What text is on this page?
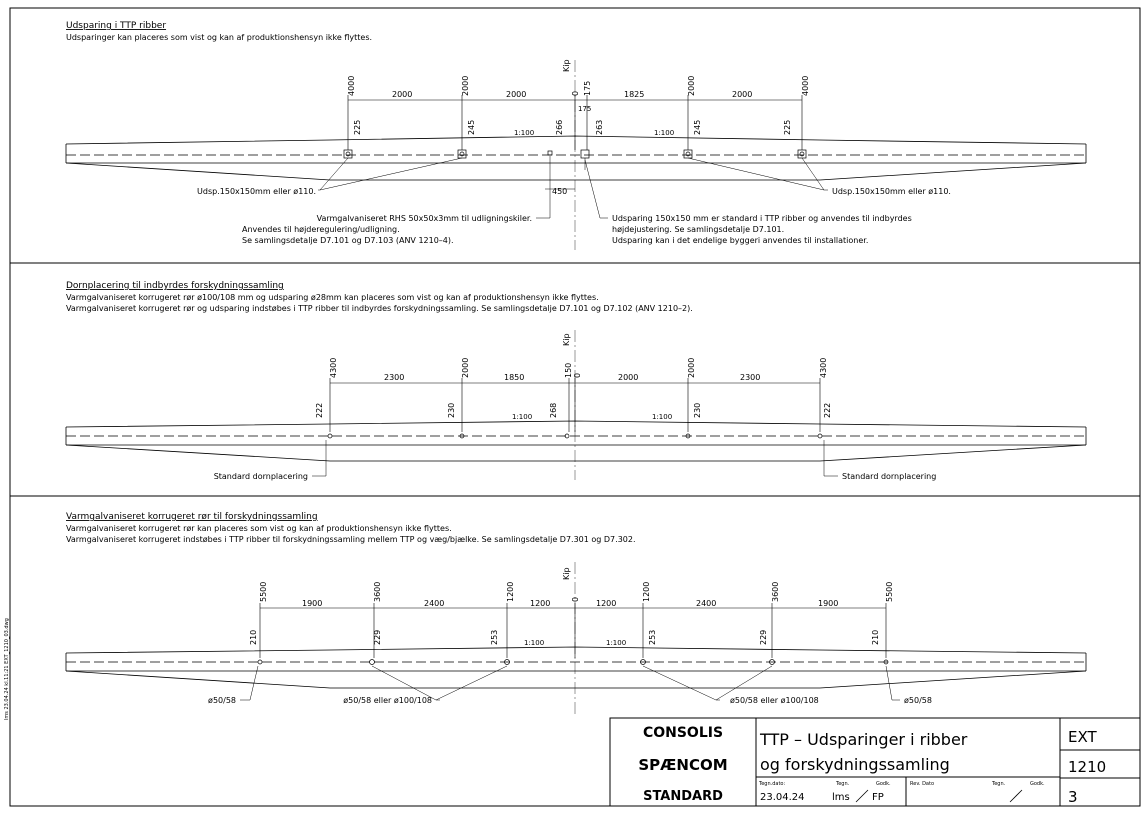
lms 23.04.24 kl.11:21 EXT_1210_03.dwg
Udsparing i TTP ribber
Udsparinger kan placeres som vist og kan af produktionshensyn ikke flyttes.
Kip
4000	2000	0 175	2000	4000
175
2000	2000	1825	2000
225	245	266	263	245	225
1:100	1:100
450
Udsp.150x150mm eller ø110.	Udsp.150x150mm eller ø110.
Varmgalvaniseret RHS 50x50x3mm til udligningskiler.
Anvendes til højderegulering/udligning.
Se samlingsdetalje D7.101 og D7.103 (ANV 1210–4).
Udsparing 150x150 mm er standard i TTP ribber og anvendes til indbyrdes
højdejustering. Se samlingsdetalje D7.101.
Udsparing kan i det endelige byggeri anvendes til installationer.
Dornplacering til indbyrdes forskydningssamling
Varmgalvaniseret korrugeret rør ø100/108 mm og udsparing ø28mm kan placeres som vist og kan af produktionshensyn ikke flyttes.
Varmgalvaniseret korrugeret rør og udsparing indstøbes i TTP ribber til indbyrdes forskydningssamling. Se samlingsdetalje D7.101 og D7.102 (ANV 1210–2).
Kip
4300	2000	150 0	2000	4300
2300	1850	2000	2300
222	230	268	230	222
1:100	1:100
Standard dornplacering	Standard dornplacering
Varmgalvaniseret korrugeret rør til forskydningssamling
Varmgalvaniseret korrugeret rør kan placeres som vist og kan af produktionshensyn ikke flyttes.
Varmgalvaniseret korrugeret indstøbes i TTP ribber til forskydningssamling mellem TTP og væg/bjælke. Se samlingsdetalje D7.301 og D7.302.
Kip
5500	3600	1200	0	1200	3600	5500
1900	2400	1200	1200	2400	1900
210	229	253	253	229	210
1:100	1:100
ø50/58	ø50/58 eller ø100/108	ø50/58 eller ø100/108	ø50/58
CONSOLIS
SPÆNCOM
STANDARD
TTP – Udsparinger i ribber
og forskydningssamling
EXT
1210
3
Tegn.dato:	Tegn.	Godk.	Rev. Dato	Tegn.	Godk.
23.04.24	lms FP
